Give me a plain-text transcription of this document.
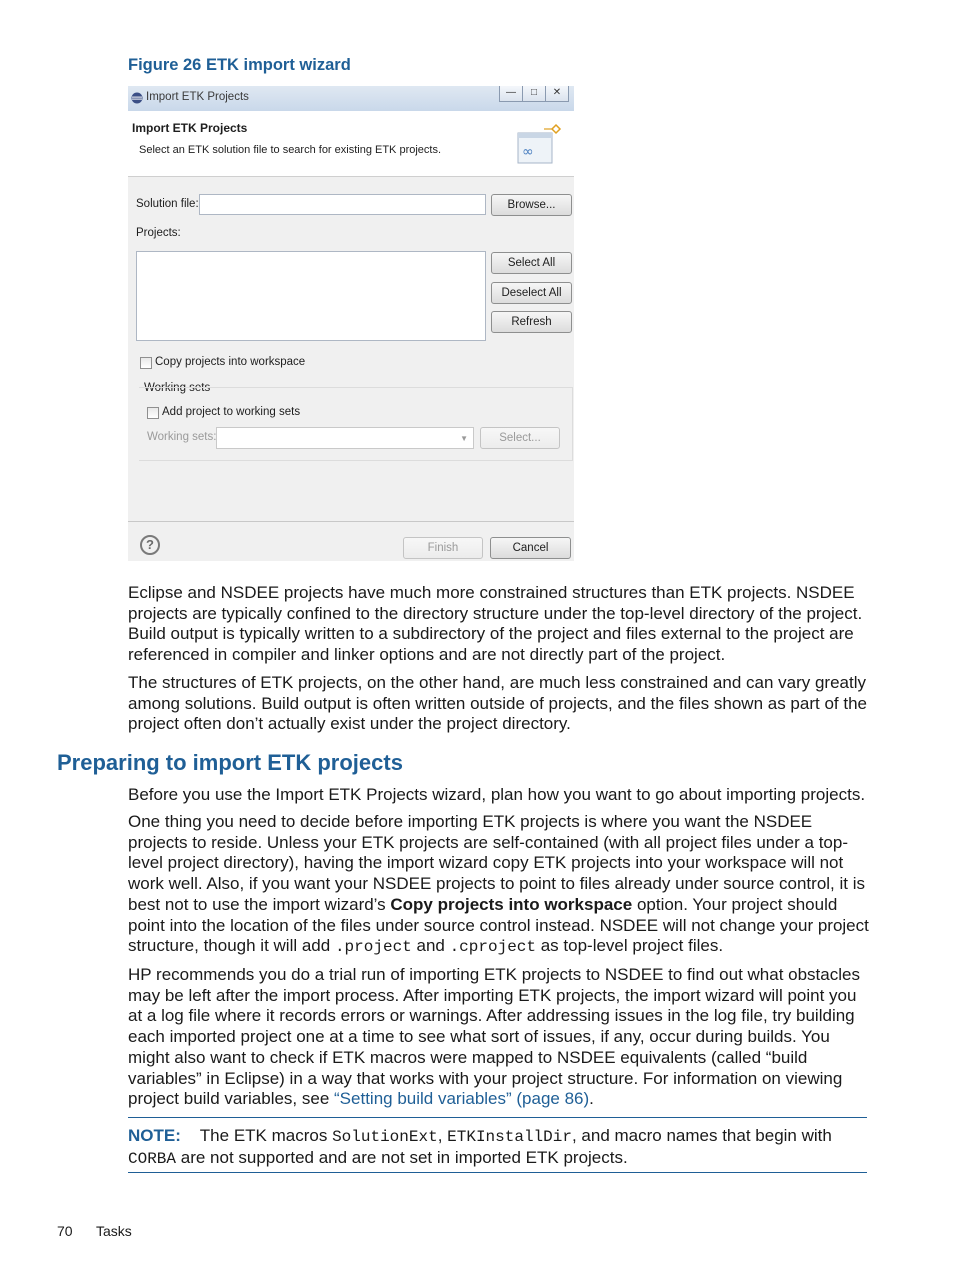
Figure 26 ETK import wizard
Import ETK Projects	—	□	✕
Import ETK Projects
Select an ETK solution file to search for existing ETK projects.	∞
Solution file:	Browse...
Projects:
Select All
Deselect All
Refresh
Copy projects into workspace
Working sets
Add project to working sets
Working sets:	▼	Select...
?	Finish	Cancel

Eclipse and NSDEE projects have much more constrained structures than ETK projects. NSDEE projects are typically confined to the directory structure under the top-level directory of the project. Build output is typically written to a subdirectory of the project and files external to the project are referenced in compiler and linker options and are not directly part of the project.

The structures of ETK projects, on the other hand, are much less constrained and can vary greatly among solutions. Build output is often written outside of projects, and the files shown as part of the project often don’t actually exist under the project directory.

Preparing to import ETK projects

Before you use the Import ETK Projects wizard, plan how you want to go about importing projects.

One thing you need to decide before importing ETK projects is where you want the NSDEE projects to reside. Unless your ETK projects are self-contained (with all project files under a top-level project directory), having the import wizard copy ETK projects into your workspace will not work well. Also, if you want your NSDEE projects to point to files already under source control, it is best not to use the import wizard’s Copy projects into workspace option. Your project should point into the location of the files under source control instead. NSDEE will not change your project structure, though it will add .project and .cproject as top-level project files.

HP recommends you do a trial run of importing ETK projects to NSDEE to find out what obstacles may be left after the import process. After importing ETK projects, the import wizard will point you at a log file where it records errors or warnings. After addressing issues in the log file, try building each imported project one at a time to see what sort of issues, if any, occur during builds. You might also want to check if ETK macros were mapped to NSDEE equivalents (called “build variables” in Eclipse) in a way that works with your project structure. For information on viewing project build variables, see “Setting build variables” (page 86).

NOTE: The ETK macros SolutionExt, ETKInstallDir, and macro names that begin with CORBA are not supported and are not set in imported ETK projects.

70 Tasks
